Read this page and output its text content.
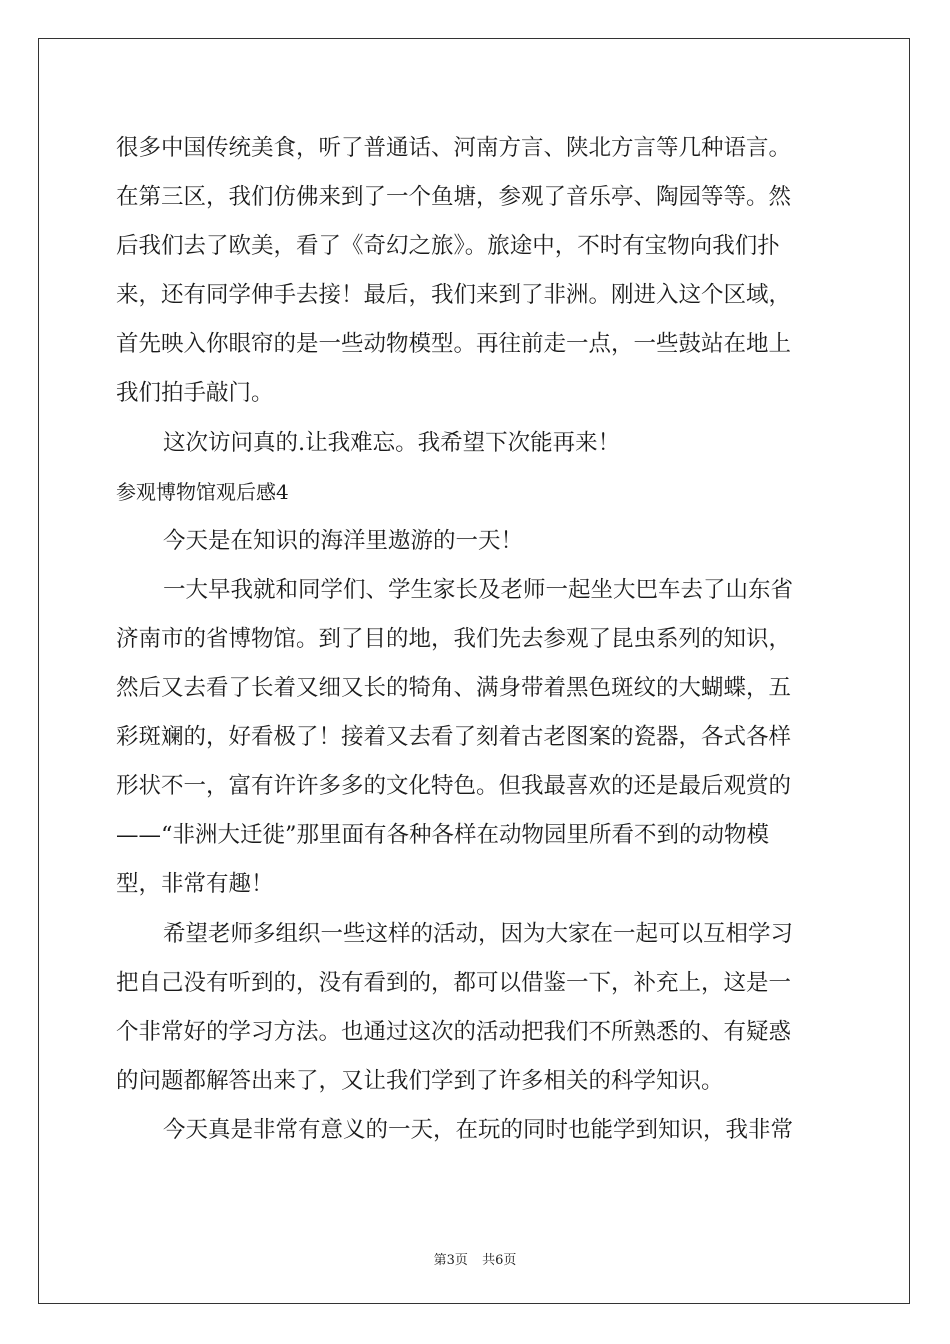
很多中国传统美食，听了普通话、河南方言、陕北方言等几种语言。
在第三区，我们仿佛来到了一个鱼塘，参观了音乐亭、陶园等等。然
后我们去了欧美，看了《奇幻之旅》。旅途中，不时有宝物向我们扑
来，还有同学伸手去接！最后，我们来到了非洲。刚进入这个区域，
首先映入你眼帘的是一些动物模型。再往前走一点，一些鼓站在地上
我们拍手敲门。
这次访问真的.让我难忘。我希望下次能再来！
参观博物馆观后感4
今天是在知识的海洋里遨游的一天！
一大早我就和同学们、学生家长及老师一起坐大巴车去了山东省
济南市的省博物馆。到了目的地，我们先去参观了昆虫系列的知识，
然后又去看了长着又细又长的犄角、满身带着黑色斑纹的大蝴蝶，五
彩斑斓的，好看极了！接着又去看了刻着古老图案的瓷器，各式各样
形状不一，富有许许多多的文化特色。但我最喜欢的还是最后观赏的
——“非洲大迁徙”那里面有各种各样在动物园里所看不到的动物模
型，非常有趣！
希望老师多组织一些这样的活动，因为大家在一起可以互相学习
把自己没有听到的，没有看到的，都可以借鉴一下，补充上，这是一
个非常好的学习方法。也通过这次的活动把我们不所熟悉的、有疑惑
的问题都解答出来了，又让我们学到了许多相关的科学知识。
今天真是非常有意义的一天，在玩的同时也能学到知识，我非常
第3页 共6页
